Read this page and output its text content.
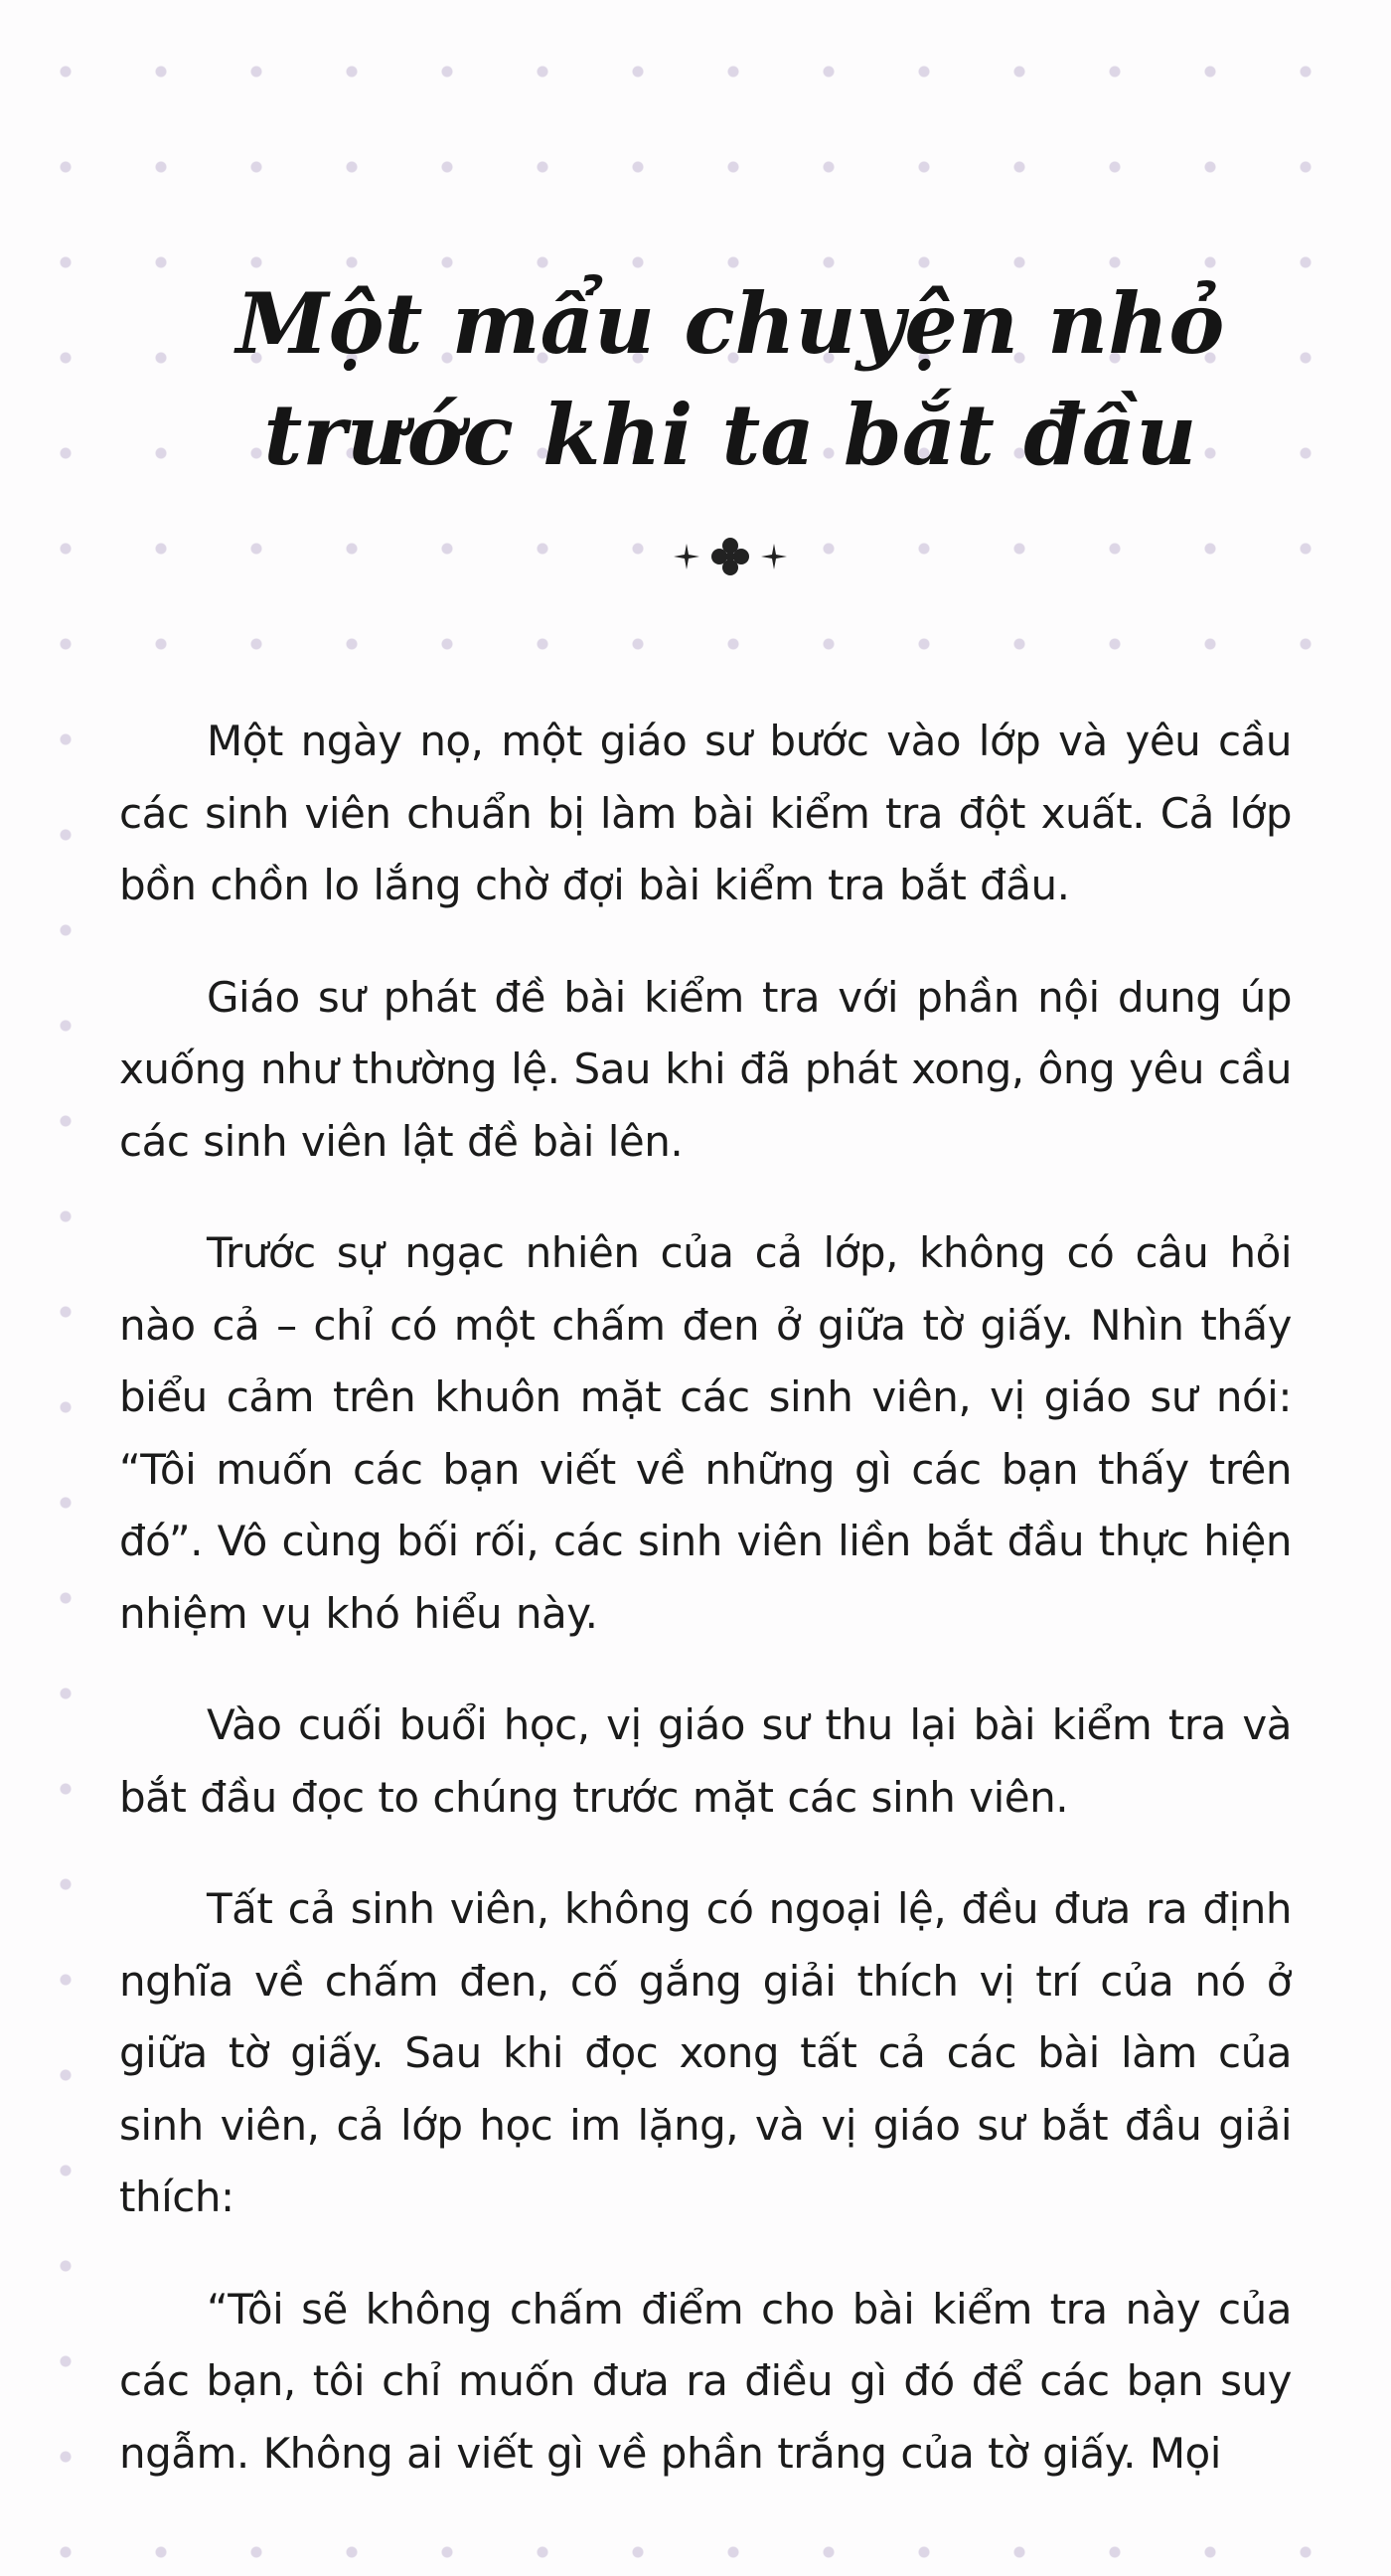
Một mẩu chuyện nhỏ

trước khi ta bắt đầu

Một ngày nọ, một giáo sư bước vào lớp và yêu cầu các sinh viên chuẩn bị làm bài kiểm tra đột xuất. Cả lớp bồn chồn lo lắng chờ đợi bài kiểm tra bắt đầu.

Giáo sư phát đề bài kiểm tra với phần nội dung úp xuống như thường lệ. Sau khi đã phát xong, ông yêu cầu các sinh viên lật đề bài lên.

Trước sự ngạc nhiên của cả lớp, không có câu hỏi nào cả – chỉ có một chấm đen ở giữa tờ giấy. Nhìn thấy biểu cảm trên khuôn mặt các sinh viên, vị giáo sư nói: “Tôi muốn các bạn viết về những gì các bạn thấy trên đó”. Vô cùng bối rối, các sinh viên liền bắt đầu thực hiện nhiệm vụ khó hiểu này.

Vào cuối buổi học, vị giáo sư thu lại bài kiểm tra và bắt đầu đọc to chúng trước mặt các sinh viên.

Tất cả sinh viên, không có ngoại lệ, đều đưa ra định nghĩa về chấm đen, cố gắng giải thích vị trí của nó ở giữa tờ giấy. Sau khi đọc xong tất cả các bài làm của sinh viên, cả lớp học im lặng, và vị giáo sư bắt đầu giải thích:

“Tôi sẽ không chấm điểm cho bài kiểm tra này của các bạn, tôi chỉ muốn đưa ra điều gì đó để các bạn suy ngẫm. Không ai viết gì về phần trắng của tờ giấy. Mọi
